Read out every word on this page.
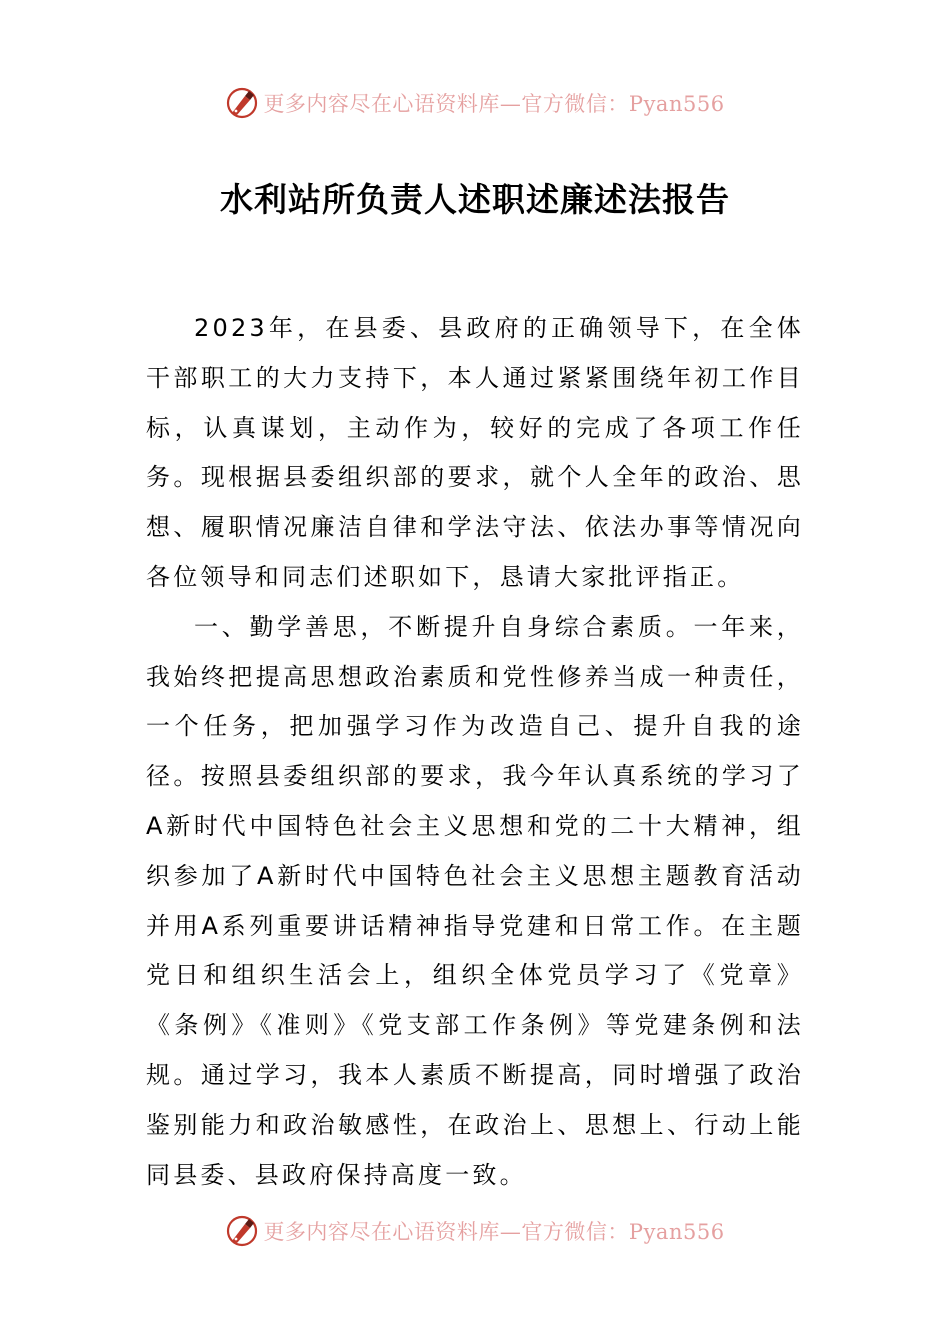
更多内容尽在心语资料库—官方微信：Pyan556
水利站所负责人述职述廉述法报告

2023年，在县委、县政府的正确领导下，在全体干部职工的大力支持下，本人通过紧紧围绕年初工作目标，认真谋划，主动作为，较好的完成了各项工作任务。现根据县委组织部的要求，就个人全年的政治、思想、履职情况廉洁自律和学法守法、依法办事等情况向各位领导和同志们述职如下，恳请大家批评指正。

一、勤学善思，不断提升自身综合素质。一年来，我始终把提高思想政治素质和党性修养当成一种责任，一个任务，把加强学习作为改造自己、提升自我的途径。按照县委组织部的要求，我今年认真系统的学习了A新时代中国特色社会主义思想和党的二十大精神，组织参加了A新时代中国特色社会主义思想主题教育活动并用A系列重要讲话精神指导党建和日常工作。在主题党日和组织生活会上，组织全体党员学习了《党章》《条例》《准则》《党支部工作条例》等党建条例和法规。通过学习，我本人素质不断提高，同时增强了政治鉴别能力和政治敏感性，在政治上、思想上、行动上能同县委、县政府保持高度一致。

更多内容尽在心语资料库—官方微信：Pyan556
